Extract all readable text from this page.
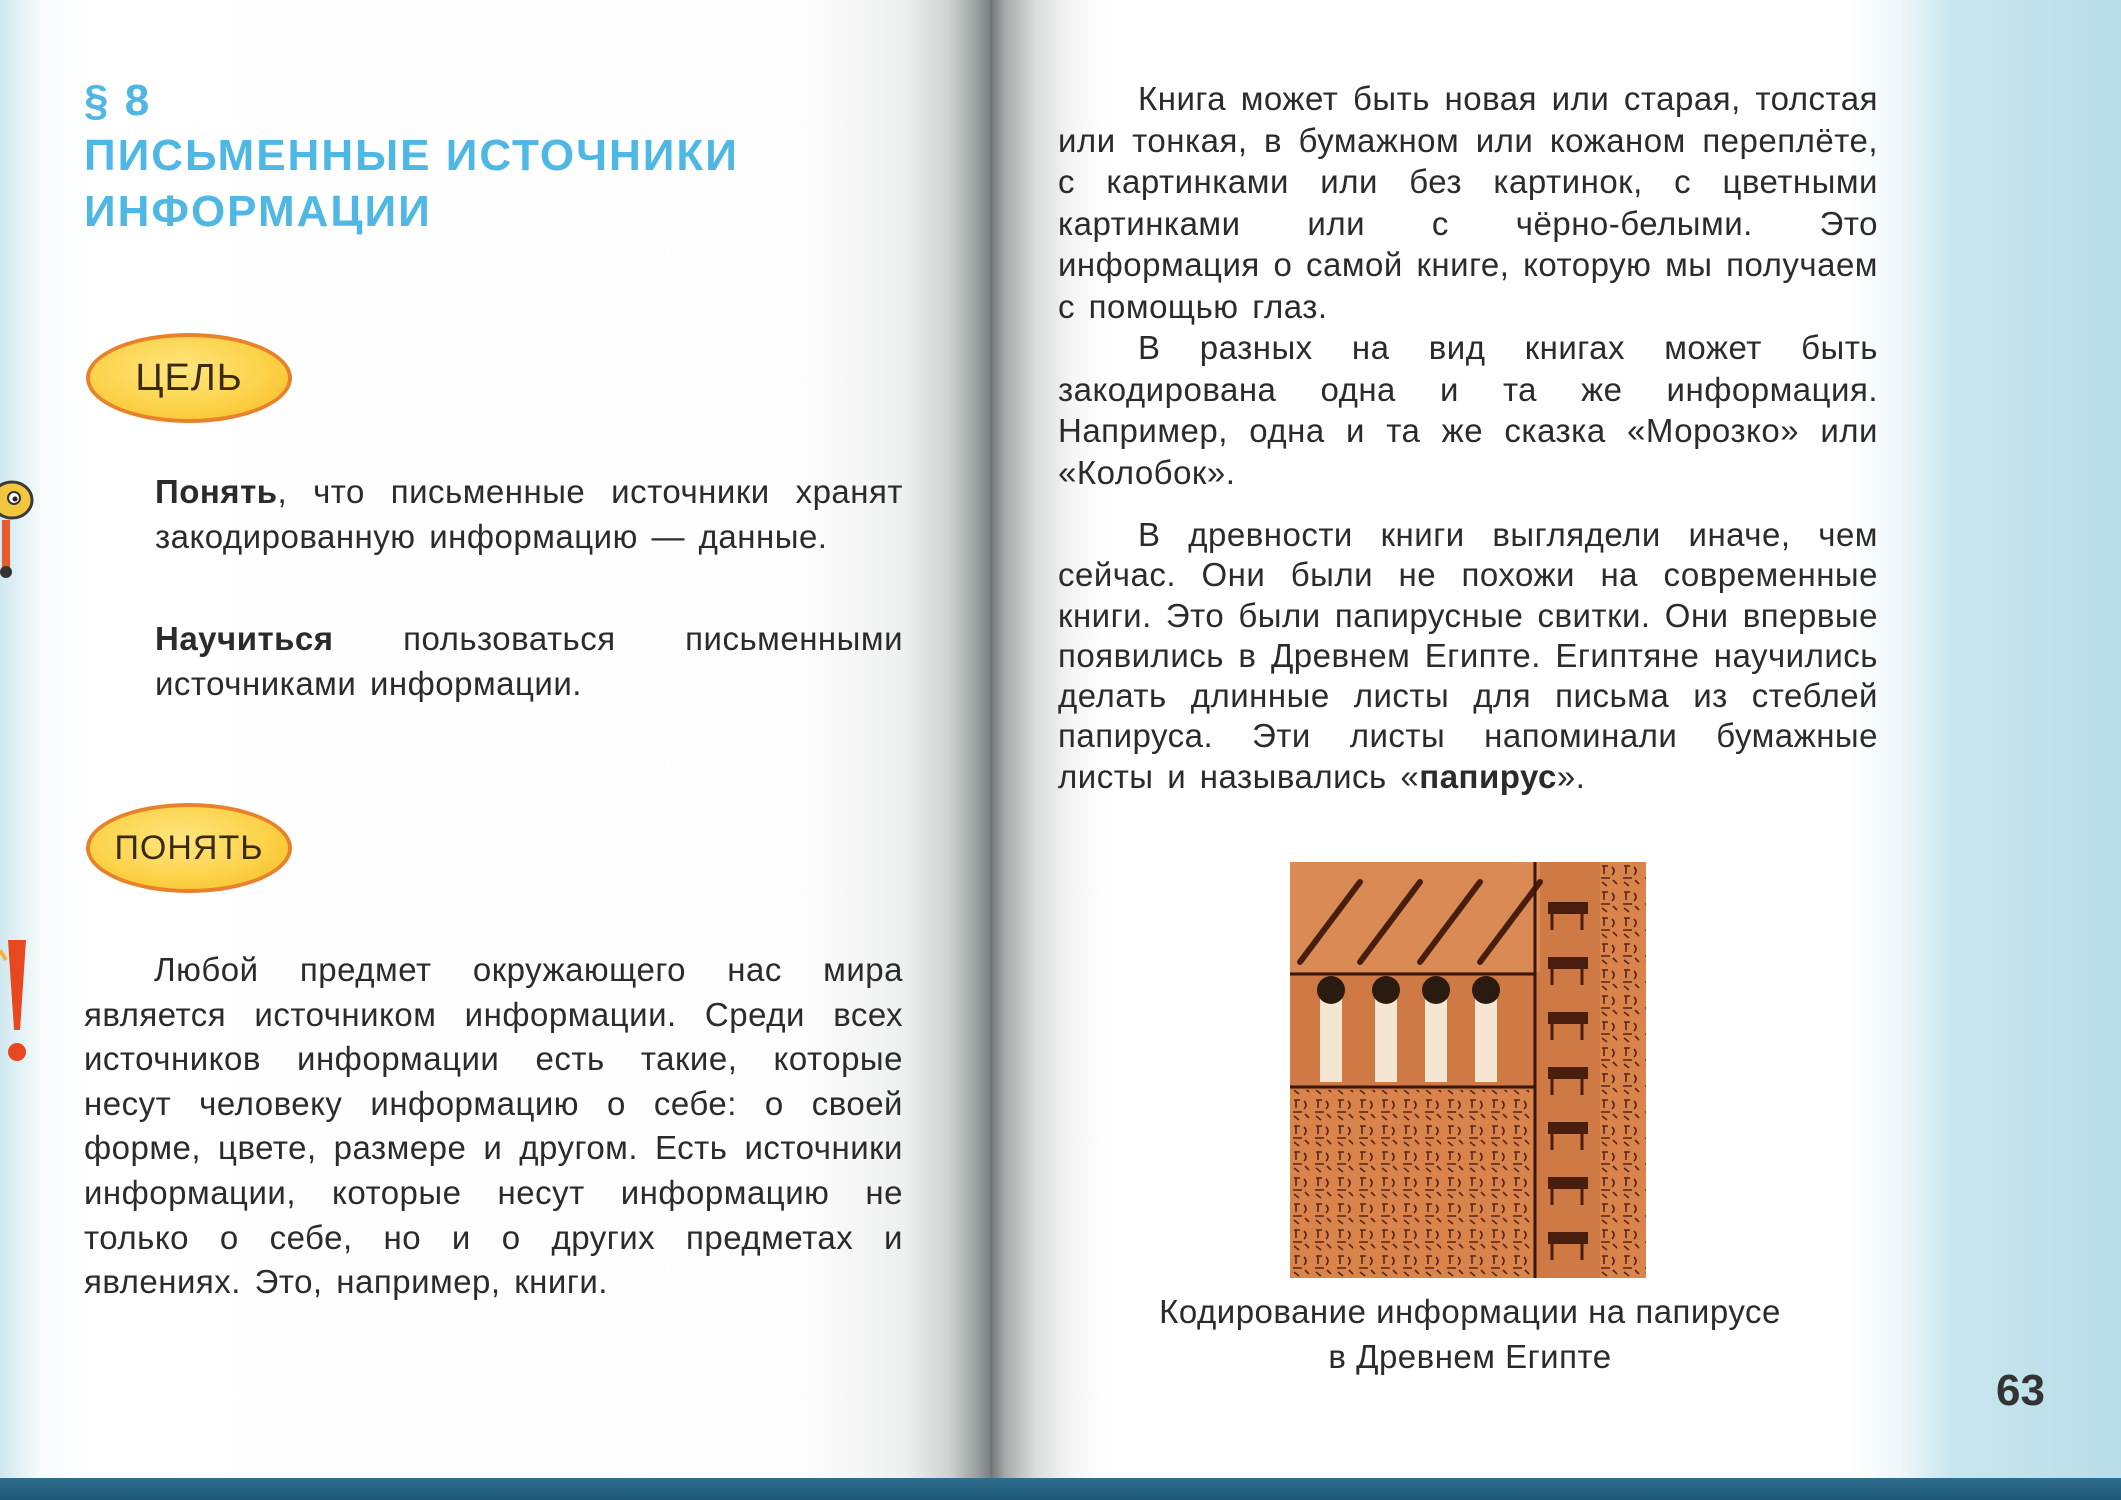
§ 8

ПИСЬМЕННЫЕ ИСТОЧНИКИ
ИНФОРМАЦИИ
ЦЕЛЬ

Понять, что письменные источники хранят закодированную информацию — данные.

Научиться пользоваться письменными источниками информации.

ПОНЯТЬ

Любой предмет окружающего нас мира является источником информации. Среди всех источников информации есть такие, которые несут человеку информацию о себе: о своей форме, цвете, размере и другом. Есть источники информации, которые несут информацию не только о себе, но и о других предметах и явлениях. Это, например, книги.

Книга может быть новая или старая, толстая или тонкая, в бумажном или кожаном переплёте, с картинками или без картинок, с цветными картинками или с чёрно-белыми. Это информация о самой книге, которую мы получаем с помощью глаз.

В разных на вид книгах может быть закодирована одна и та же информация. Например, одна и та же сказка «Морозко» или «Колобок».

В древности книги выглядели иначе, чем сейчас. Они были не похожи на современные книги. Это были папирусные свитки. Они впервые появились в Древнем Египте. Египтяне научились делать длинные листы для письма из стеблей папируса. Эти листы напоминали бумажные листы и назывались «папирус».

Кодирование информации на папирусе
в Древнем Египте

63
